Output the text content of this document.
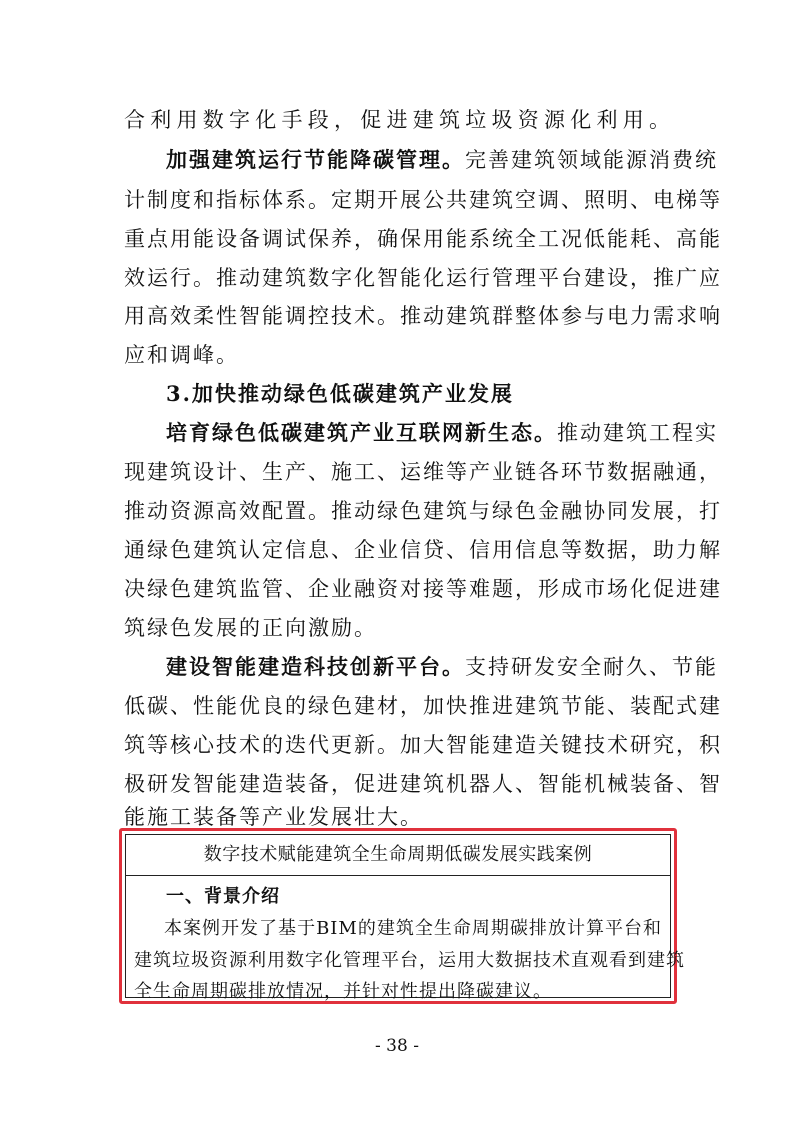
合利用数字化手段，促进建筑垃圾资源化利用。
加强建筑运行节能降碳管理。完善建筑领域能源消费统
计制度和指标体系。定期开展公共建筑空调、照明、电梯等
重点用能设备调试保养，确保用能系统全工况低能耗、高能
效运行。推动建筑数字化智能化运行管理平台建设，推广应
用高效柔性智能调控技术。推动建筑群整体参与电力需求响
应和调峰。
3.加快推动绿色低碳建筑产业发展
培育绿色低碳建筑产业互联网新生态。推动建筑工程实
现建筑设计、生产、施工、运维等产业链各环节数据融通，
推动资源高效配置。推动绿色建筑与绿色金融协同发展，打
通绿色建筑认定信息、企业信贷、信用信息等数据，助力解
决绿色建筑监管、企业融资对接等难题，形成市场化促进建
筑绿色发展的正向激励。
建设智能建造科技创新平台。支持研发安全耐久、节能
低碳、性能优良的绿色建材，加快推进建筑节能、装配式建
筑等核心技术的迭代更新。加大智能建造关键技术研究，积
极研发智能建造装备，促进建筑机器人、智能机械装备、智
能施工装备等产业发展壮大。
数字技术赋能建筑全生命周期低碳发展实践案例
一、背景介绍
本案例开发了基于BIM的建筑全生命周期碳排放计算平台和
建筑垃圾资源利用数字化管理平台，运用大数据技术直观看到建筑
全生命周期碳排放情况，并针对性提出降碳建议。
- 38 -
